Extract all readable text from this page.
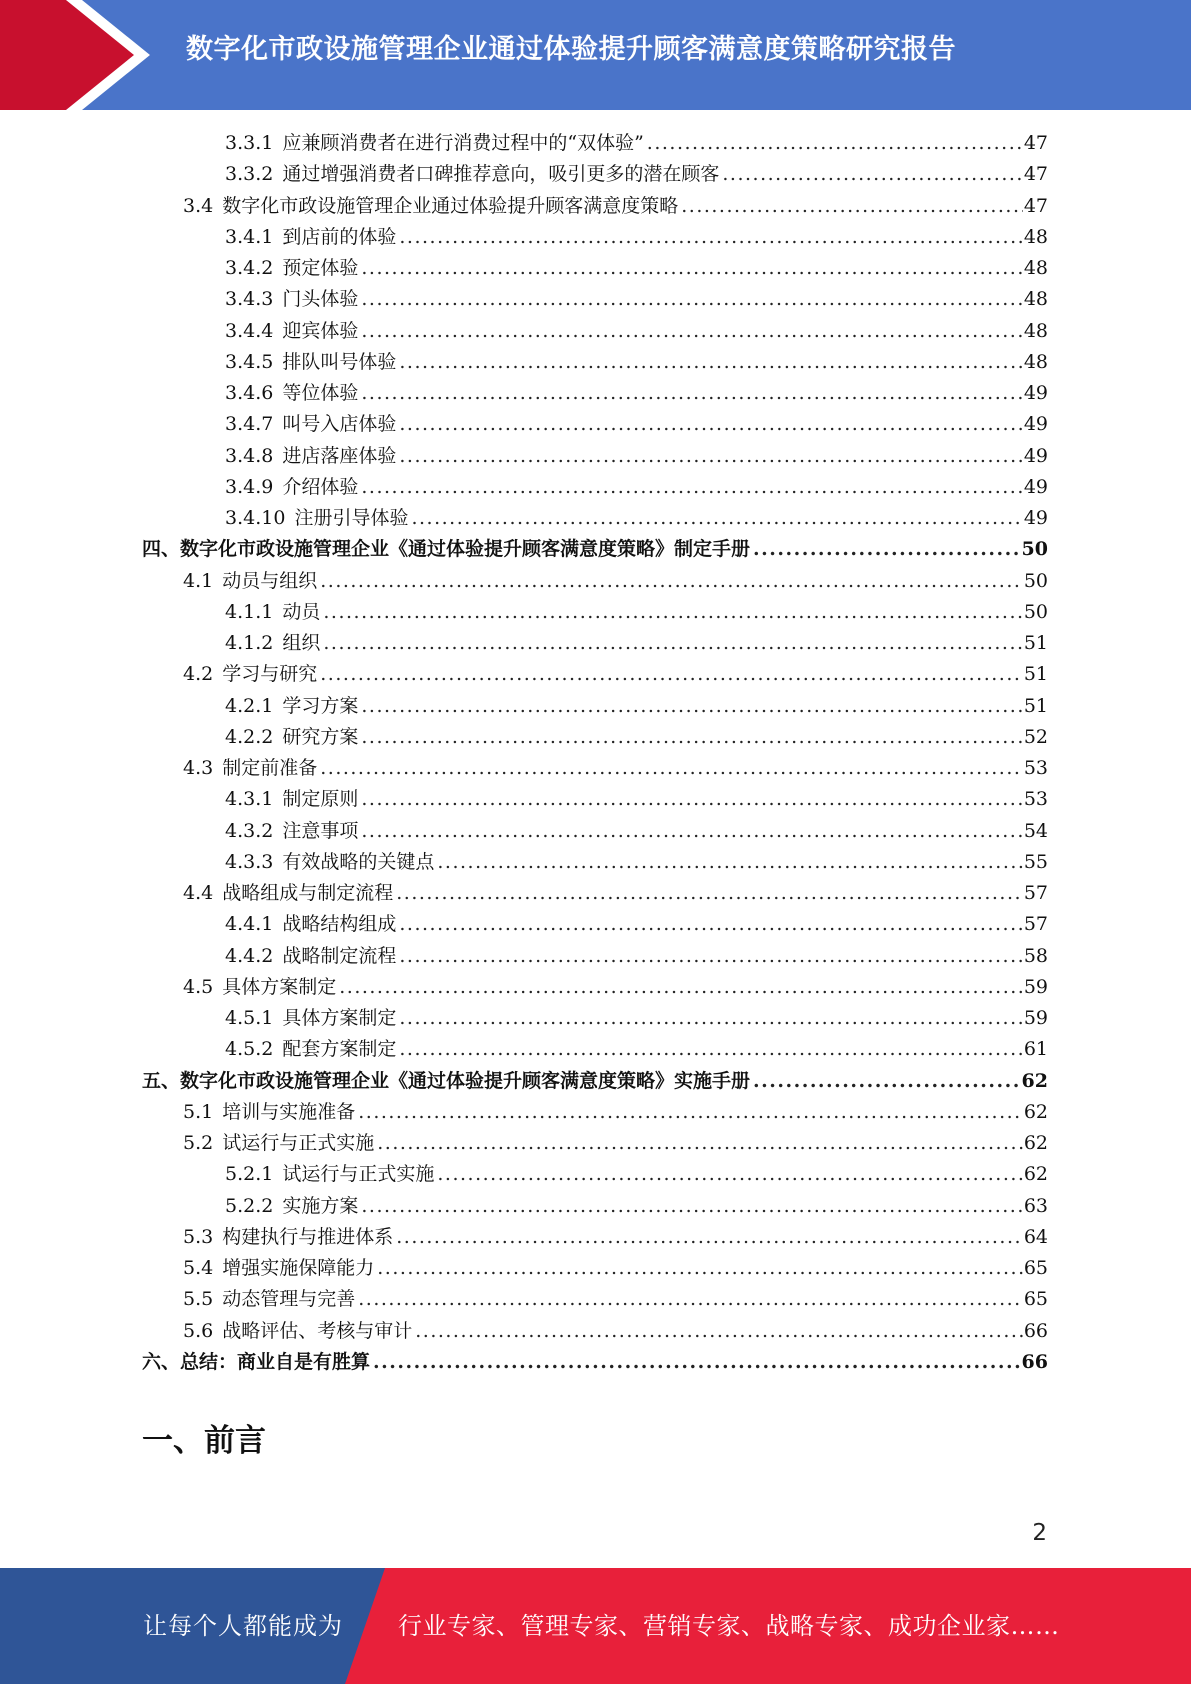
数字化市政设施管理企业通过体验提升顾客满意度策略研究报告
3.3.1 应兼顾消费者在进行消费过程中的“双体验” .....	47
3.3.2 通过增强消费者口碑推荐意向，吸引更多的潜在顾客 .....	47
3.4 数字化市政设施管理企业通过体验提升顾客满意度策略 .....	47
3.4.1 到店前的体验 .....	48
3.4.2 预定体验 .....	48
3.4.3 门头体验 .....	48
3.4.4 迎宾体验 .....	48
3.4.5 排队叫号体验 .....	48
3.4.6 等位体验 .....	49
3.4.7 叫号入店体验 .....	49
3.4.8 进店落座体验 .....	49
3.4.9 介绍体验 .....	49
3.4.10 注册引导体验 .....	49
四、数字化市政设施管理企业《通过体验提升顾客满意度策略》制定手册 .....	50
4.1 动员与组织 .....	50
4.1.1 动员 .....	50
4.1.2 组织 .....	51
4.2 学习与研究 .....	51
4.2.1 学习方案 .....	51
4.2.2 研究方案 .....	52
4.3 制定前准备 .....	53
4.3.1 制定原则 .....	53
4.3.2 注意事项 .....	54
4.3.3 有效战略的关键点 .....	55
4.4 战略组成与制定流程 .....	57
4.4.1 战略结构组成 .....	57
4.4.2 战略制定流程 .....	58
4.5 具体方案制定 .....	59
4.5.1 具体方案制定 .....	59
4.5.2 配套方案制定 .....	61
五、数字化市政设施管理企业《通过体验提升顾客满意度策略》实施手册 .....	62
5.1 培训与实施准备 .....	62
5.2 试运行与正式实施 .....	62
5.2.1 试运行与正式实施 .....	62
5.2.2 实施方案 .....	63
5.3 构建执行与推进体系 .....	64
5.4 增强实施保障能力 .....	65
5.5 动态管理与完善 .....	65
5.6 战略评估、考核与审计 .....	66
六、总结：商业自是有胜算 .....	66
一、前言
2
让每个人都能成为 行业专家、管理专家、营销专家、战略专家、成功企业家……
